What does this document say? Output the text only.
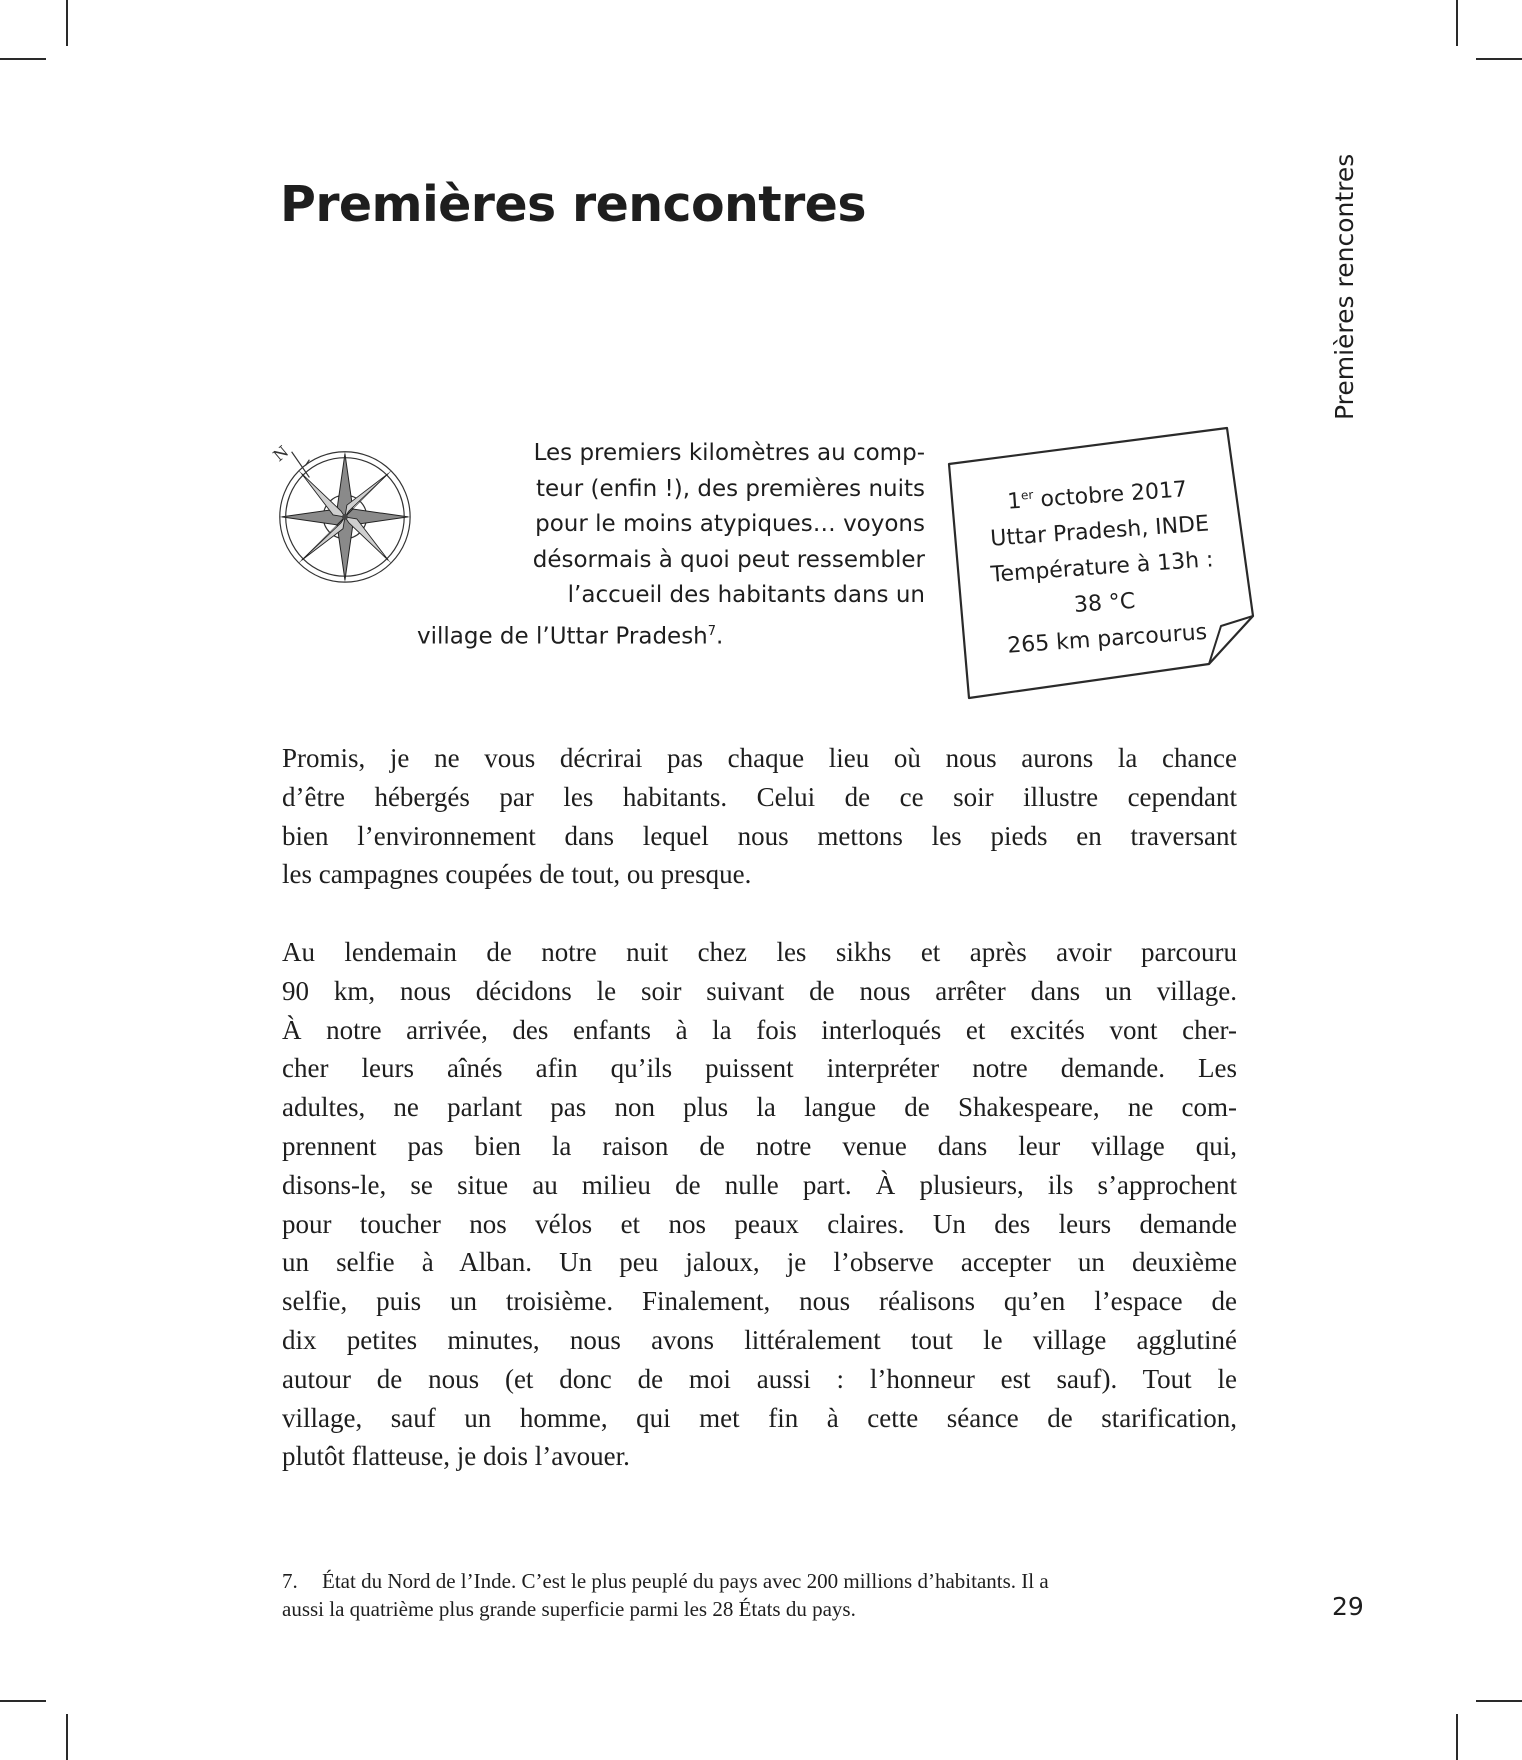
Premières rencontres	Premières rencontres
N	Les premiers kilomètres au comp-
teur (enfin !), des premières nuits
pour le moins atypiques… voyons
désormais à quoi peut ressembler
l’accueil des habitants dans un
village de l’Uttar Pradesh$^7$.
1er octobre 2017
Uttar Pradesh, INDE
Température à 13h :
38 °C
265 km parcourus
Promis, je ne vous décrirai pas chaque lieu où nous aurons la chance
d’être hébergés par les habitants. Celui de ce soir illustre cependant
bien l’environnement dans lequel nous mettons les pieds en traversant
les campagnes coupées de tout, ou presque.
Au lendemain de notre nuit chez les sikhs et après avoir parcouru
90 km, nous décidons le soir suivant de nous arrêter dans un village.
À notre arrivée, des enfants à la fois interloqués et excités vont cher-
cher leurs aînés afin qu’ils puissent interpréter notre demande. Les
adultes, ne parlant pas non plus la langue de Shakespeare, ne com-
prennent pas bien la raison de notre venue dans leur village qui,
disons-le, se situe au milieu de nulle part. À plusieurs, ils s’approchent
pour toucher nos vélos et nos peaux claires. Un des leurs demande
un selfie à Alban. Un peu jaloux, je l’observe accepter un deuxième
selfie, puis un troisième. Finalement, nous réalisons qu’en l’espace de
dix petites minutes, nous avons littéralement tout le village agglutiné
autour de nous (et donc de moi aussi : l’honneur est sauf). Tout le
village, sauf un homme, qui met fin à cette séance de starification,
plutôt flatteuse, je dois l’avouer.
7. État du Nord de l’Inde. C’est le plus peuplé du pays avec 200 millions d’habitants. Il a
aussi la quatrième plus grande superficie parmi les 28 États du pays.	29
